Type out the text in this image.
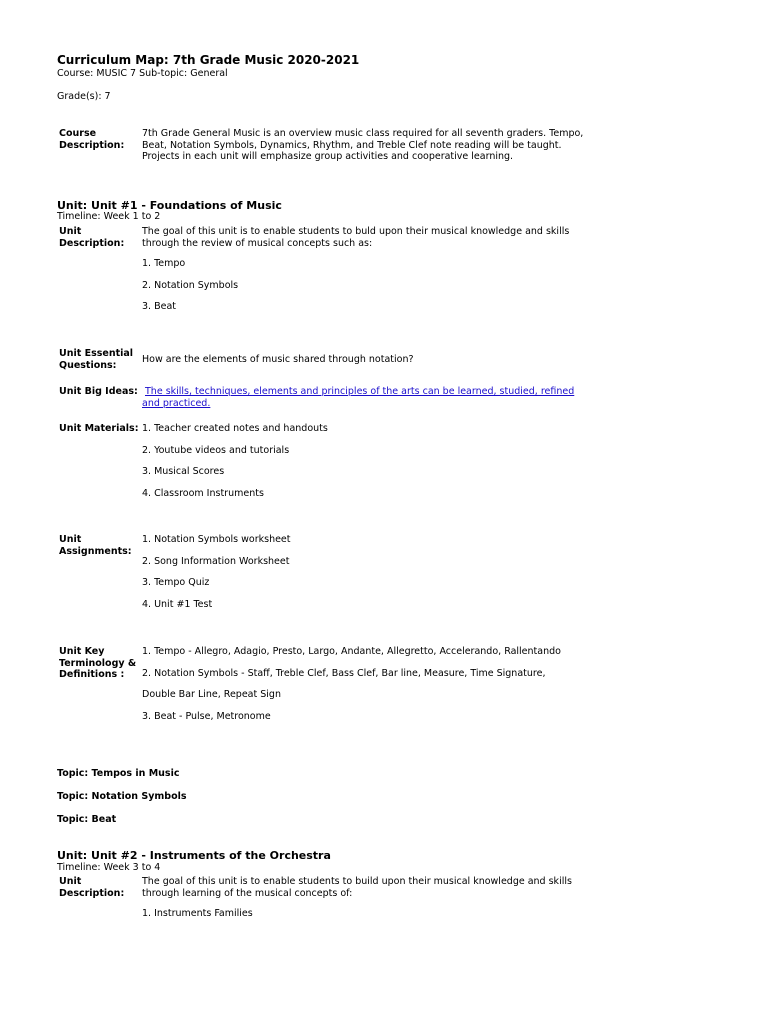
Curriculum Map: 7th Grade Music 2020-2021
Course: MUSIC 7 Sub-topic: General
Grade(s): 7
Course
Description:
7th Grade General Music is an overview music class required for all seventh graders. Tempo,
Beat, Notation Symbols, Dynamics, Rhythm, and Treble Clef note reading will be taught.
Projects in each unit will emphasize group activities and cooperative learning.
Unit: Unit #1 - Foundations of Music
Timeline: Week 1 to 2
Unit
Description:
The goal of this unit is to enable students to buld upon their musical knowledge and skills
through the review of musical concepts such as:
1. Tempo
2. Notation Symbols
3. Beat
Unit Essential
Questions:	How are the elements of music shared through notation?
Unit Big Ideas: The skills, techniques, elements and principles of the arts can be learned, studied, refined
and practiced.
Unit Materials: 1. Teacher created notes and handouts
2. Youtube videos and tutorials
3. Musical Scores
4. Classroom Instruments
Unit
Assignments:
1. Notation Symbols worksheet
2. Song Information Worksheet
3. Tempo Quiz
4. Unit #1 Test
Unit Key
Terminology &
Definitions :
1. Tempo - Allegro, Adagio, Presto, Largo, Andante, Allegretto, Accelerando, Rallentando
2. Notation Symbols - Staff, Treble Clef, Bass Clef, Bar line, Measure, Time Signature,
Double Bar Line, Repeat Sign
3. Beat - Pulse, Metronome
Topic: Tempos in Music
Topic: Notation Symbols
Topic: Beat
Unit: Unit #2 - Instruments of the Orchestra
Timeline: Week 3 to 4
Unit
Description:
The goal of this unit is to enable students to build upon their musical knowledge and skills
through learning of the musical concepts of:
1. Instruments Families
